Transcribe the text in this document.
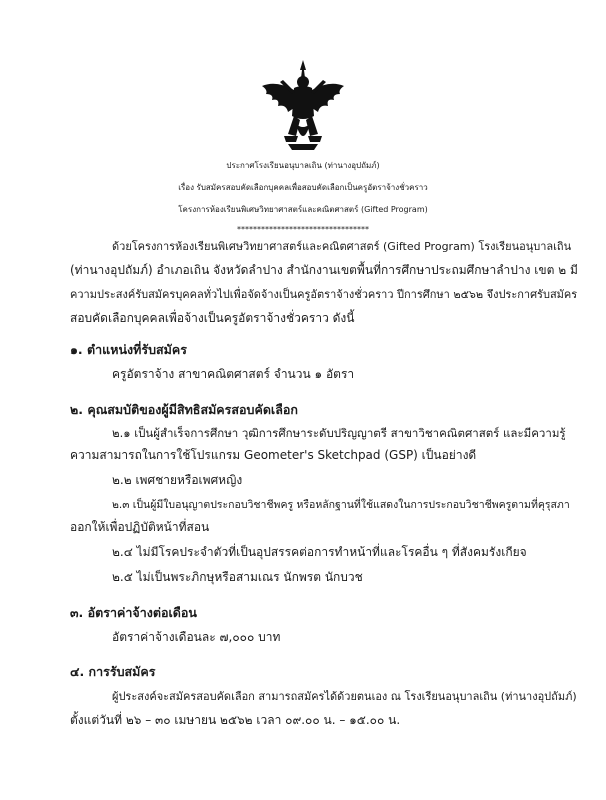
ประกาศโรงเรียนอนุบาลเถิน (ท่านางอุปถัมภ์)
เรื่อง รับสมัครสอบคัดเลือกบุคคลเพื่อสอบคัดเลือกเป็นครูอัตราจ้างชั่วคราว
โครงการห้องเรียนพิเศษวิทยาศาสตร์และคณิตศาสตร์ (Gifted Program)
*********************************
ด้วยโครงการห้องเรียนพิเศษวิทยาศาสตร์และคณิตศาสตร์ (Gifted Program) โรงเรียนอนุบาลเถิน
(ท่านางอุปถัมภ์) อำเภอเถิน จังหวัดลำปาง สำนักงานเขตพื้นที่การศึกษาประถมศึกษาลำปาง เขต ๒ มี
ความประสงค์รับสมัครบุคคลทั่วไปเพื่อจัดจ้างเป็นครูอัตราจ้างชั่วคราว ปีการศึกษา ๒๕๖๒ จึงประกาศรับสมัคร
สอบคัดเลือกบุคคลเพื่อจ้างเป็นครูอัตราจ้างชั่วคราว ดังนี้
๑. ตำแหน่งที่รับสมัคร
ครูอัตราจ้าง สาขาคณิตศาสตร์ จำนวน ๑ อัตรา
๒. คุณสมบัติของผู้มีสิทธิสมัครสอบคัดเลือก
๒.๑ เป็นผู้สำเร็จการศึกษา วุฒิการศึกษาระดับปริญญาตรี สาขาวิชาคณิตศาสตร์ และมีความรู้
ความสามารถในการใช้โปรแกรม Geometer's Sketchpad (GSP) เป็นอย่างดี
๒.๒ เพศชายหรือเพศหญิง
๒.๓ เป็นผู้มีใบอนุญาตประกอบวิชาชีพครู หรือหลักฐานที่ใช้แสดงในการประกอบวิชาชีพครูตามที่คุรุสภา
ออกให้เพื่อปฏิบัติหน้าที่สอน
๒.๔ ไม่มีโรคประจำตัวที่เป็นอุปสรรคต่อการทำหน้าที่และโรคอื่น ๆ ที่สังคมรังเกียจ
๒.๕ ไม่เป็นพระภิกษุหรือสามเณร นักพรต นักบวช
๓. อัตราค่าจ้างต่อเดือน
อัตราค่าจ้างเดือนละ ๗,๐๐๐ บาท
๔. การรับสมัคร
ผู้ประสงค์จะสมัครสอบคัดเลือก สามารถสมัครได้ด้วยตนเอง ณ โรงเรียนอนุบาลเถิน (ท่านางอุปถัมภ์)
ตั้งแต่วันที่ ๒๖ – ๓๐ เมษายน ๒๕๖๒ เวลา ๐๙.๐๐ น. – ๑๕.๐๐ น.
